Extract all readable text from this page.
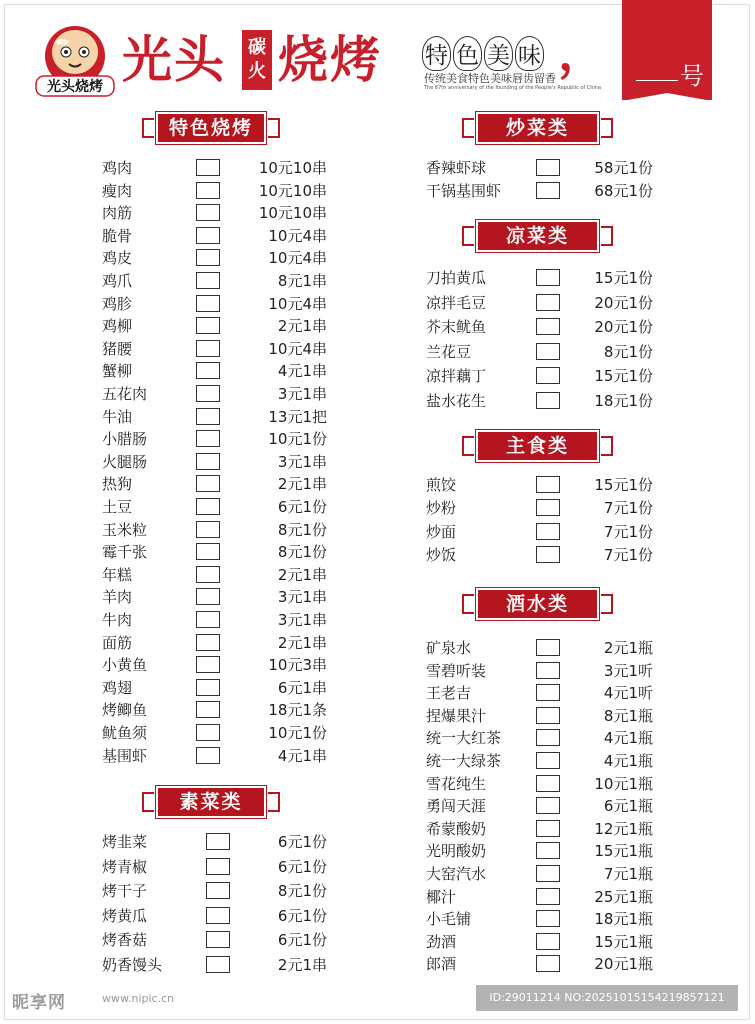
光头烧烤 光头 碳
火 烧烤 特 色 美 味 ，
传统美食特色美味唇齿留香
The 67th anniversary of the founding of the People's Republic of China	号
特色烧烤
鸡肉	10元10串
瘦肉	10元10串
肉筋	10元10串
脆骨	10元4串
鸡皮	10元4串
鸡爪	8元1串
鸡胗	10元4串
鸡柳	2元1串
猪腰	10元4串
蟹柳	4元1串
五花肉	3元1串
牛油	13元1把
小腊肠	10元1份
火腿肠	3元1串
热狗	2元1串
土豆	6元1份
玉米粒	8元1份
霉千张	8元1份
年糕	2元1串
羊肉	3元1串
牛肉	3元1串
面筋	2元1串
小黄鱼	10元3串
鸡翅	6元1串
烤鲫鱼	18元1条
鱿鱼须	10元1份
基围虾	4元1串
素菜类
烤韭菜	6元1份
烤青椒	6元1份
烤干子	8元1份
烤黄瓜	6元1份
烤香菇	6元1份
奶香馒头	2元1串
炒菜类
香辣虾球	58元1份
干锅基围虾	68元1份
凉菜类
刀拍黄瓜	15元1份
凉拌毛豆	20元1份
芥末鱿鱼	20元1份
兰花豆	8元1份
凉拌藕丁	15元1份
盐水花生	18元1份
主食类
煎饺	15元1份
炒粉	7元1份
炒面	7元1份
炒饭	7元1份
酒水类
矿泉水	2元1瓶
雪碧听装	3元1听
王老吉	4元1听
捏爆果汁	8元1瓶
统一大红茶	4元1瓶
统一大绿茶	4元1瓶
雪花纯生	10元1瓶
勇闯天涯	6元1瓶
希蒙酸奶	12元1瓶
光明酸奶	15元1瓶
大窑汽水	7元1瓶
椰汁	25元1瓶
小毛铺	18元1瓶
劲酒	15元1瓶
郎酒	20元1瓶
昵享网	www.nipic.cn	ID:29011214 NO:20251015154219857121
